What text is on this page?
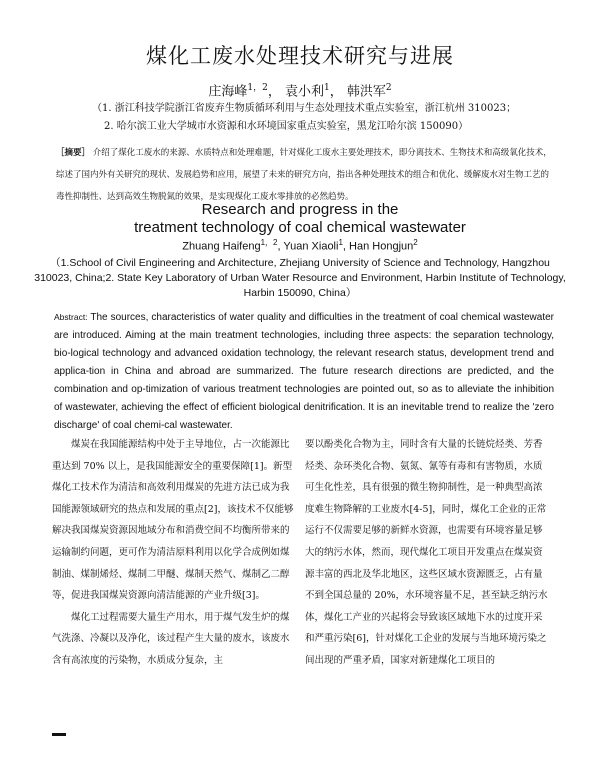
煤化工废水处理技术研究与进展
庄海峰$^{1,2}$， 袁小利$^1$， 韩洪军$^2$
（1. 浙江科技学院浙江省废弃生物质循环利用与生态处理技术重点实验室，浙江杭州 310023；
2. 哈尔滨工业大学城市水资源和水环境国家重点实验室，黑龙江哈尔滨 150090）
［摘要］ 介绍了煤化工废水的来源、水质特点和处理难题，针对煤化工废水主要处理技术，即分离技术、生物技术和高级氧化技术，综述了国内外有关研究的现状、发展趋势和应用，展望了未来的研究方向，指出各种处理技术的组合和优化、缓解废水对生物工艺的毒性抑制性、达到高效生物脱氮的效果，是实现煤化工废水零排放的必然趋势。
Research and progress in the
treatment technology of coal chemical wastewater
Zhuang Haifeng$^{1,2}$, Yuan Xiaoli$^1$, Han Hongjun$^2$
（1.School of Civil Engineering and Architecture, Zhejiang University of Science and Technology, Hangzhou 310023, China;2. State Key Laboratory of Urban Water Resource and Environment, Harbin Institute of Technology, Harbin 150090, China）
Abstract: The sources, characteristics of water quality and difficulties in the treatment of coal chemical wastewater are introduced. Aiming at the main treatment technologies, including three aspects: the separation technology, bio-logical technology and advanced oxidation technology, the relevant research status, development trend and applica-tion in China and abroad are summarized. The future research directions are predicted, and the combination and op-timization of various treatment technologies are pointed out, so as to alleviate the inhibition of wastewater, achieving the effect of efficient biological denitrification. It is an inevitable trend to realize the 'zero discharge' of coal chemi-cal wastewater.

煤炭在我国能源结构中处于主导地位，占一次能源比重达到 70% 以上，是我国能源安全的重要保障[1]。新型煤化工技术作为清洁和高效利用煤炭的先进方法已成为我国能源领域研究的热点和发展的重点[2]，该技术不仅能够解决我国煤炭资源因地域分布和消费空间不均衡所带来的运输制约问题，更可作为清洁原料利用以化学合成例如煤制油、煤制烯烃、煤制二甲醚、煤制天然气、煤制乙二醇等，促进我国煤炭资源向清洁能源的产业升级[3]。

煤化工过程需要大量生产用水，用于煤气发生炉的煤气洗涤、冷凝以及净化，该过程产生大量的废水，该废水含有高浓度的污染物，水质成分复杂，主

要以酚类化合物为主，同时含有大量的长链烷烃类、芳香烃类、杂环类化合物、氨氮、氰等有毒和有害物质，水质可生化性差，具有很强的微生物抑制性，是一种典型高浓度难生物降解的工业废水[4-5]，同时，煤化工企业的正常运行不仅需要足够的新鲜水资源，也需要有环境容量足够大的纳污水体，然而，现代煤化工项目开发重点在煤炭资源丰富的西北及华北地区，这些区域水资源匮乏，占有量不到全国总量的 20%，水环境容量不足，甚至缺乏纳污水体，煤化工产业的兴起将会导致该区域地下水的过度开采和严重污染[6]，针对煤化工企业的发展与当地环境污染之间出现的严重矛盾，国家对新建煤化工项目的
